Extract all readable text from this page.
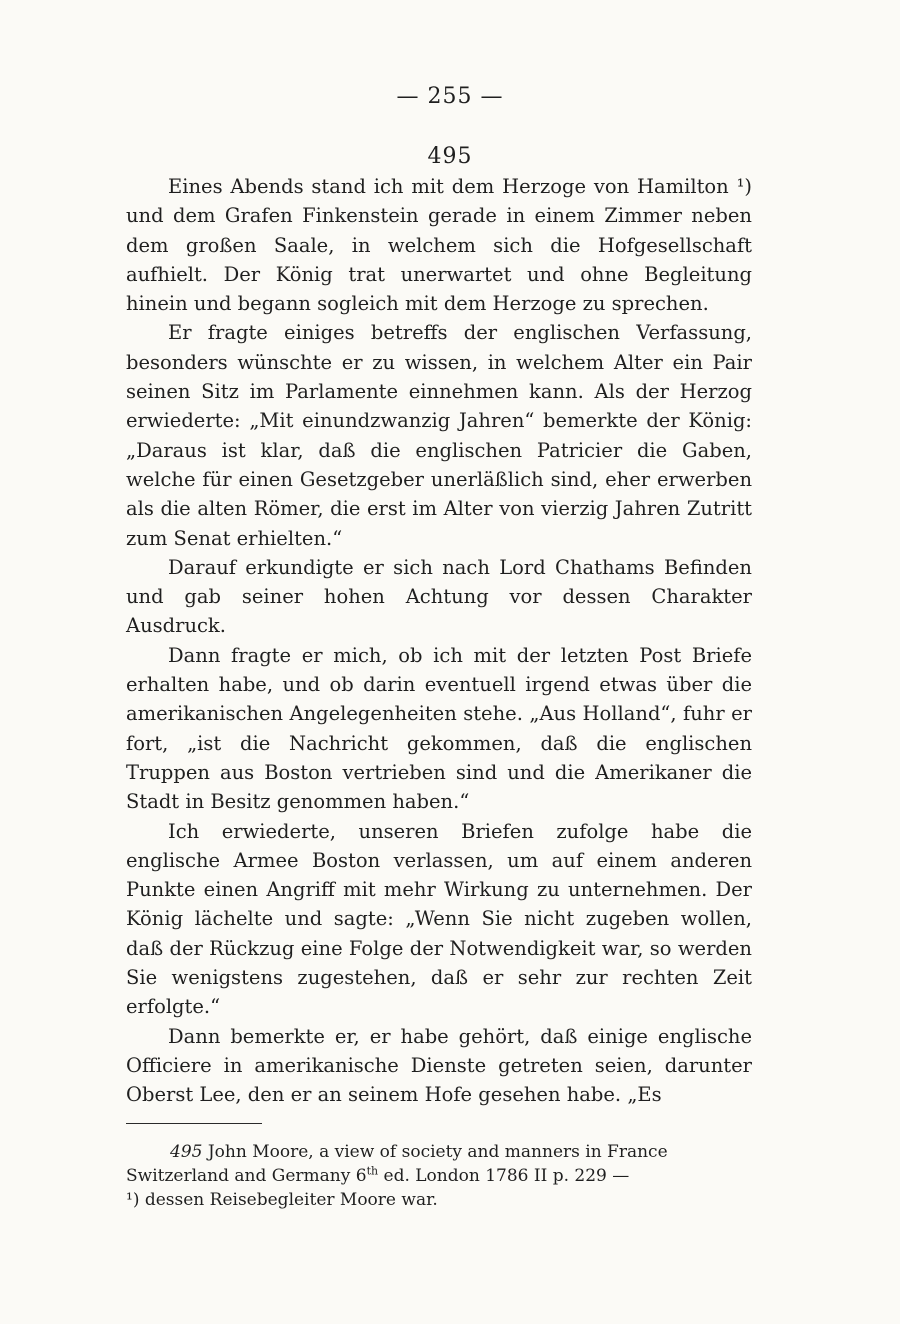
— 255 —
495

Eines Abends stand ich mit dem Herzoge von Hamilton ¹) und dem Grafen Finkenstein gerade in einem Zimmer neben dem großen Saale, in welchem sich die Hofgesellschaft aufhielt. Der König trat unerwartet und ohne Begleitung hinein und begann sogleich mit dem Herzoge zu sprechen.

Er fragte einiges betreffs der englischen Verfassung, besonders wünschte er zu wissen, in welchem Alter ein Pair seinen Sitz im Parlamente einnehmen kann. Als der Herzog erwiederte: „Mit einundzwanzig Jahren“ bemerkte der König: „Daraus ist klar, daß die englischen Patricier die Gaben, welche für einen Gesetzgeber unerläßlich sind, eher erwerben als die alten Römer, die erst im Alter von vierzig Jahren Zutritt zum Senat erhielten.“

Darauf erkundigte er sich nach Lord Chathams Befinden und gab seiner hohen Achtung vor dessen Charakter Ausdruck.

Dann fragte er mich, ob ich mit der letzten Post Briefe erhalten habe, und ob darin eventuell irgend etwas über die amerikanischen Angelegenheiten stehe. „Aus Holland“, fuhr er fort, „ist die Nachricht gekommen, daß die englischen Truppen aus Boston vertrieben sind und die Amerikaner die Stadt in Besitz genommen haben.“

Ich erwiederte, unseren Briefen zufolge habe die englische Armee Boston verlassen, um auf einem anderen Punkte einen Angriff mit mehr Wirkung zu unternehmen. Der König lächelte und sagte: „Wenn Sie nicht zugeben wollen, daß der Rückzug eine Folge der Notwendigkeit war, so werden Sie wenigstens zugestehen, daß er sehr zur rechten Zeit erfolgte.“

Dann bemerkte er, er habe gehört, daß einige englische Officiere in amerikanische Dienste getreten seien, darunter Oberst Lee, den er an seinem Hofe gesehen habe. „Es

495 John Moore, a view of society and manners in France

Switzerland and Germany 6th ed. London 1786 II p. 229 —

¹) dessen Reisebegleiter Moore war.
